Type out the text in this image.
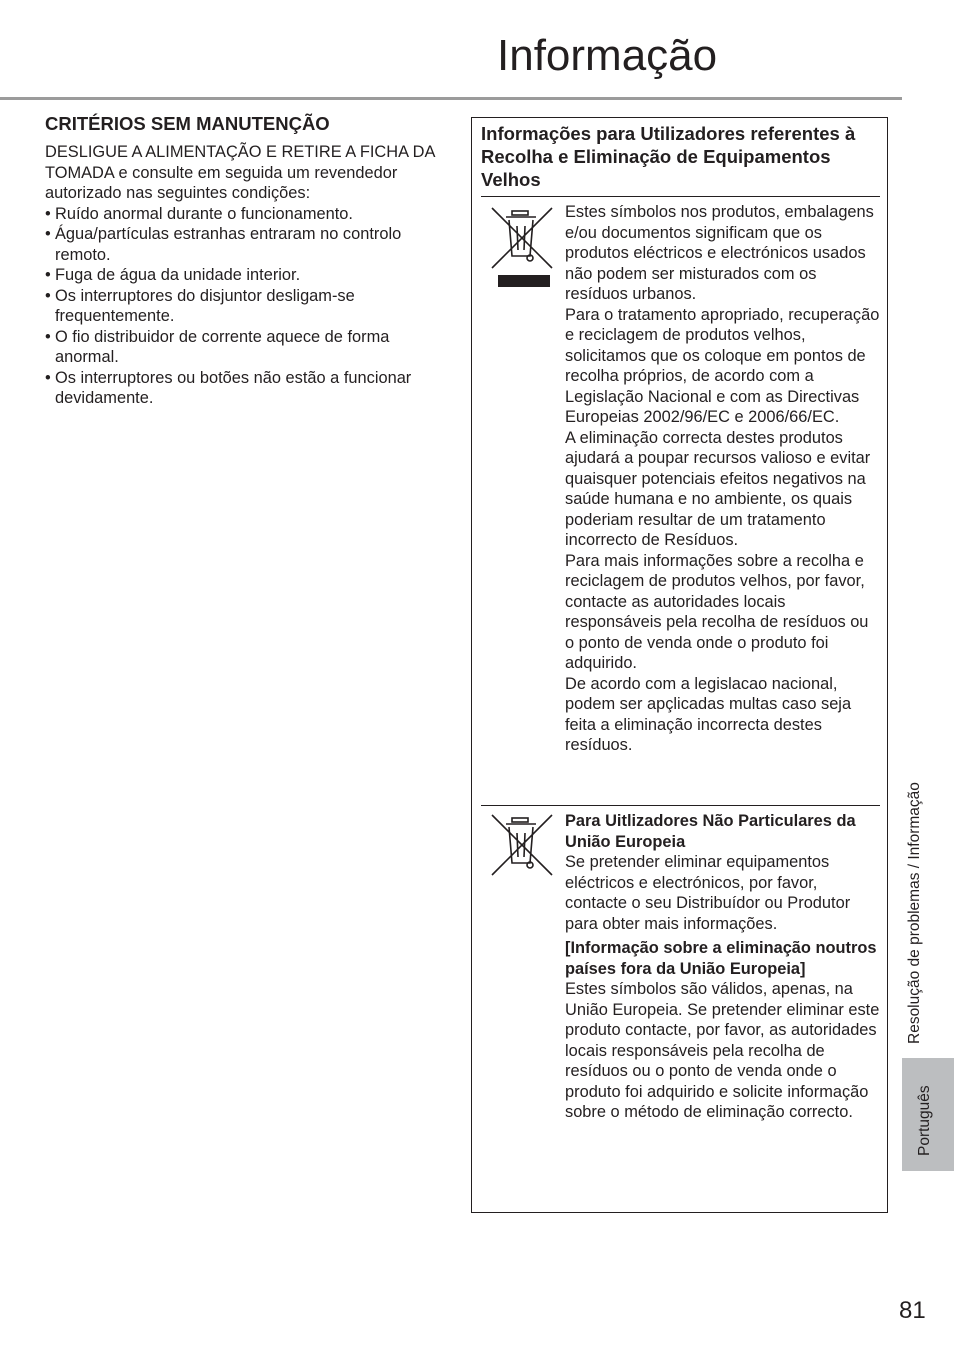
Informação
CRITÉRIOS SEM MANUTENÇÃO

DESLIGUE A ALIMENTAÇÃO E RETIRE A FICHA DA TOMADA e consulte em seguida um revendedor autorizado nas seguintes condições:

• Ruído anormal durante o funcionamento.
• Água/partículas estranhas entraram no controlo remoto.
• Fuga de água da unidade interior.
• Os interruptores do disjuntor desligam-se frequentemente.
• O fio distribuidor de corrente aquece de forma anormal.
• Os interruptores ou botões não estão a funcionar devidamente.
Informações para Utilizadores referentes à Recolha e Eliminação de Equipamentos Velhos

Estes símbolos nos produtos, embalagens e/ou documentos significam que os produtos eléctricos e electrónicos usados não podem ser misturados com os resíduos urbanos.

Para o tratamento apropriado, recuperação e reciclagem de produtos velhos, solicitamos que os coloque em pontos de recolha próprios, de acordo com a Legislação Nacional e com as Directivas Europeias 2002/96/EC e 2006/66/EC.

A eliminação correcta destes produtos ajudará a poupar recursos valioso e evitar quaisquer potenciais efeitos negativos na saúde humana e no ambiente, os quais poderiam resultar de um tratamento incorrecto de Resíduos.

Para mais informações sobre a recolha e reciclagem de produtos velhos, por favor, contacte as autoridades locais responsáveis pela recolha de resíduos ou o ponto de venda onde o produto foi adquirido.

De acordo com a legislacao nacional, podem ser apçlicadas multas caso seja feita a eliminação incorrecta destes resíduos.

Para Uitlizadores Não Particulares da União Europeia

Se pretender eliminar equipamentos eléctricos e electrónicos, por favor, contacte o seu Distribuídor ou Produtor para obter mais informações.

[Informação sobre a eliminação noutros países fora da União Europeia]

Estes símbolos são válidos, apenas, na União Europeia. Se pretender eliminar este produto contacte, por favor, as autoridades locais responsáveis pela recolha de resíduos ou o ponto de venda onde o produto foi adquirido e solicite informação sobre o método de eliminação correcto.

Resolução de problemas / Informação
Português
81
